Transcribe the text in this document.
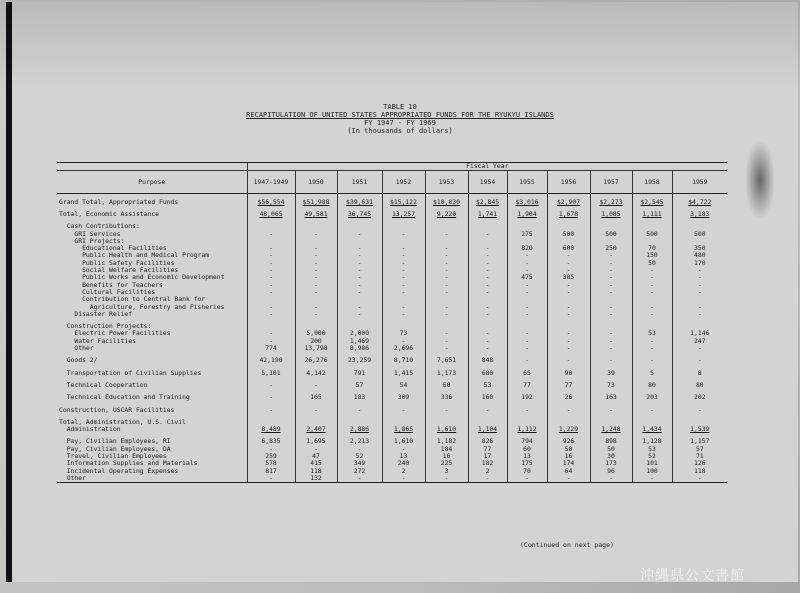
TABLE 10
RECAPITULATION OF UNITED STATES APPROPRIATED FUNDS FOR THE RYUKYU ISLANDS
FY 1947 - FY 1969
(In thousands of dollars)
	Fiscal Year										
Purpose	1947-1949	1950	1951	1952	1953	1954	1955	1956	1957	1958	1959
Grand Total, Appropriated Funds	$56,554	$51,988	$39,631	$15,122	$10,830	$2,845	$3,016	$2,907	$2,273	$2,545	$4,722
Total, Economic Assistance	48,065	49,581	36,745	13,257	9,220	1,741	1,904	1,678	1,085	1,111	3,183

Cash Contributions:											
GRI Services	-	-	-	-	-	-	275	500	500	500	500
GRI Projects:											
Educational Facilities	-	-	-	-	-	-	820	600	250	70	350
Public Health and Medical Program	-	-	-	-	-	-	-	-	-	150	480
Public Safety Facilities	-	-	-	-	-	-	-	-	-	50	170
Social Welfare Facilities	-	-	-	-	-	-	-	-	-	-	-
Public Works and Economic Development	-	-	-	-	-	-	475	385	-	-	-
Benefits for Teachers	-	-	-	-	-	-	-	-	-	-	-
Cultural Facilities	-	-	-	-	-	-	-	-	-	-	-
Contribution to Central Bank for											
Agriculture, Forestry and Fisheries	-	-	-	-	-	-	-	-	-	-	-
Disaster Relief	-	-	-	-	-	-	-	-	-	-	-

Construction Projects:											
Electric Power Facilities	-	5,000	2,000	73	-	-	-	-	-	53	1,146
Water Facilities	-	200	1,469	-	-	-	-	-	-	-	247
Other	774	13,798	8,986	2,696	-	-	-	-	-	-	-

Goods 2/	42,190	26,276	23,259	8,710	7,651	848	-	-	-	-	-

Transportation of Civilian Supplies	5,101	4,142	791	1,415	1,173	680	65	90	39	5	8

Technical Cooperation	-	-	57	54	60	53	77	77	73	80	80

Technical Education and Training	-	165	183	309	336	160	192	26	163	203	202

Construction, USCAR Facilities	-	-	-	-	-	-	-	-	-	-	-

Total, Administration, U.S. Civil											
Administration	8,489	2,407	2,886	1,865	1,610	1,104	1,112	1,229	1,248	1,434	1,539

Pay, Civilian Employees, RI	6,835	1,695	2,213	1,610	1,182	826	794	926	898	1,128	1,157
Pay, Civilian Employees, DA	-	-	-	-	184	77	60	50	50	53	57
Travel, Civilian Employees	259	47	52	13	16	17	13	16	30	52	71
Information Supplies and Materials	578	415	349	240	225	182	175	174	173	101	126
Incidental Operating Expenses	817	118	272	2	3	2	70	64	96	100	118
Other	-	132	-	-	-	-	-	-	-	-	-
(Continued on next page)
沖縄県公文書館
